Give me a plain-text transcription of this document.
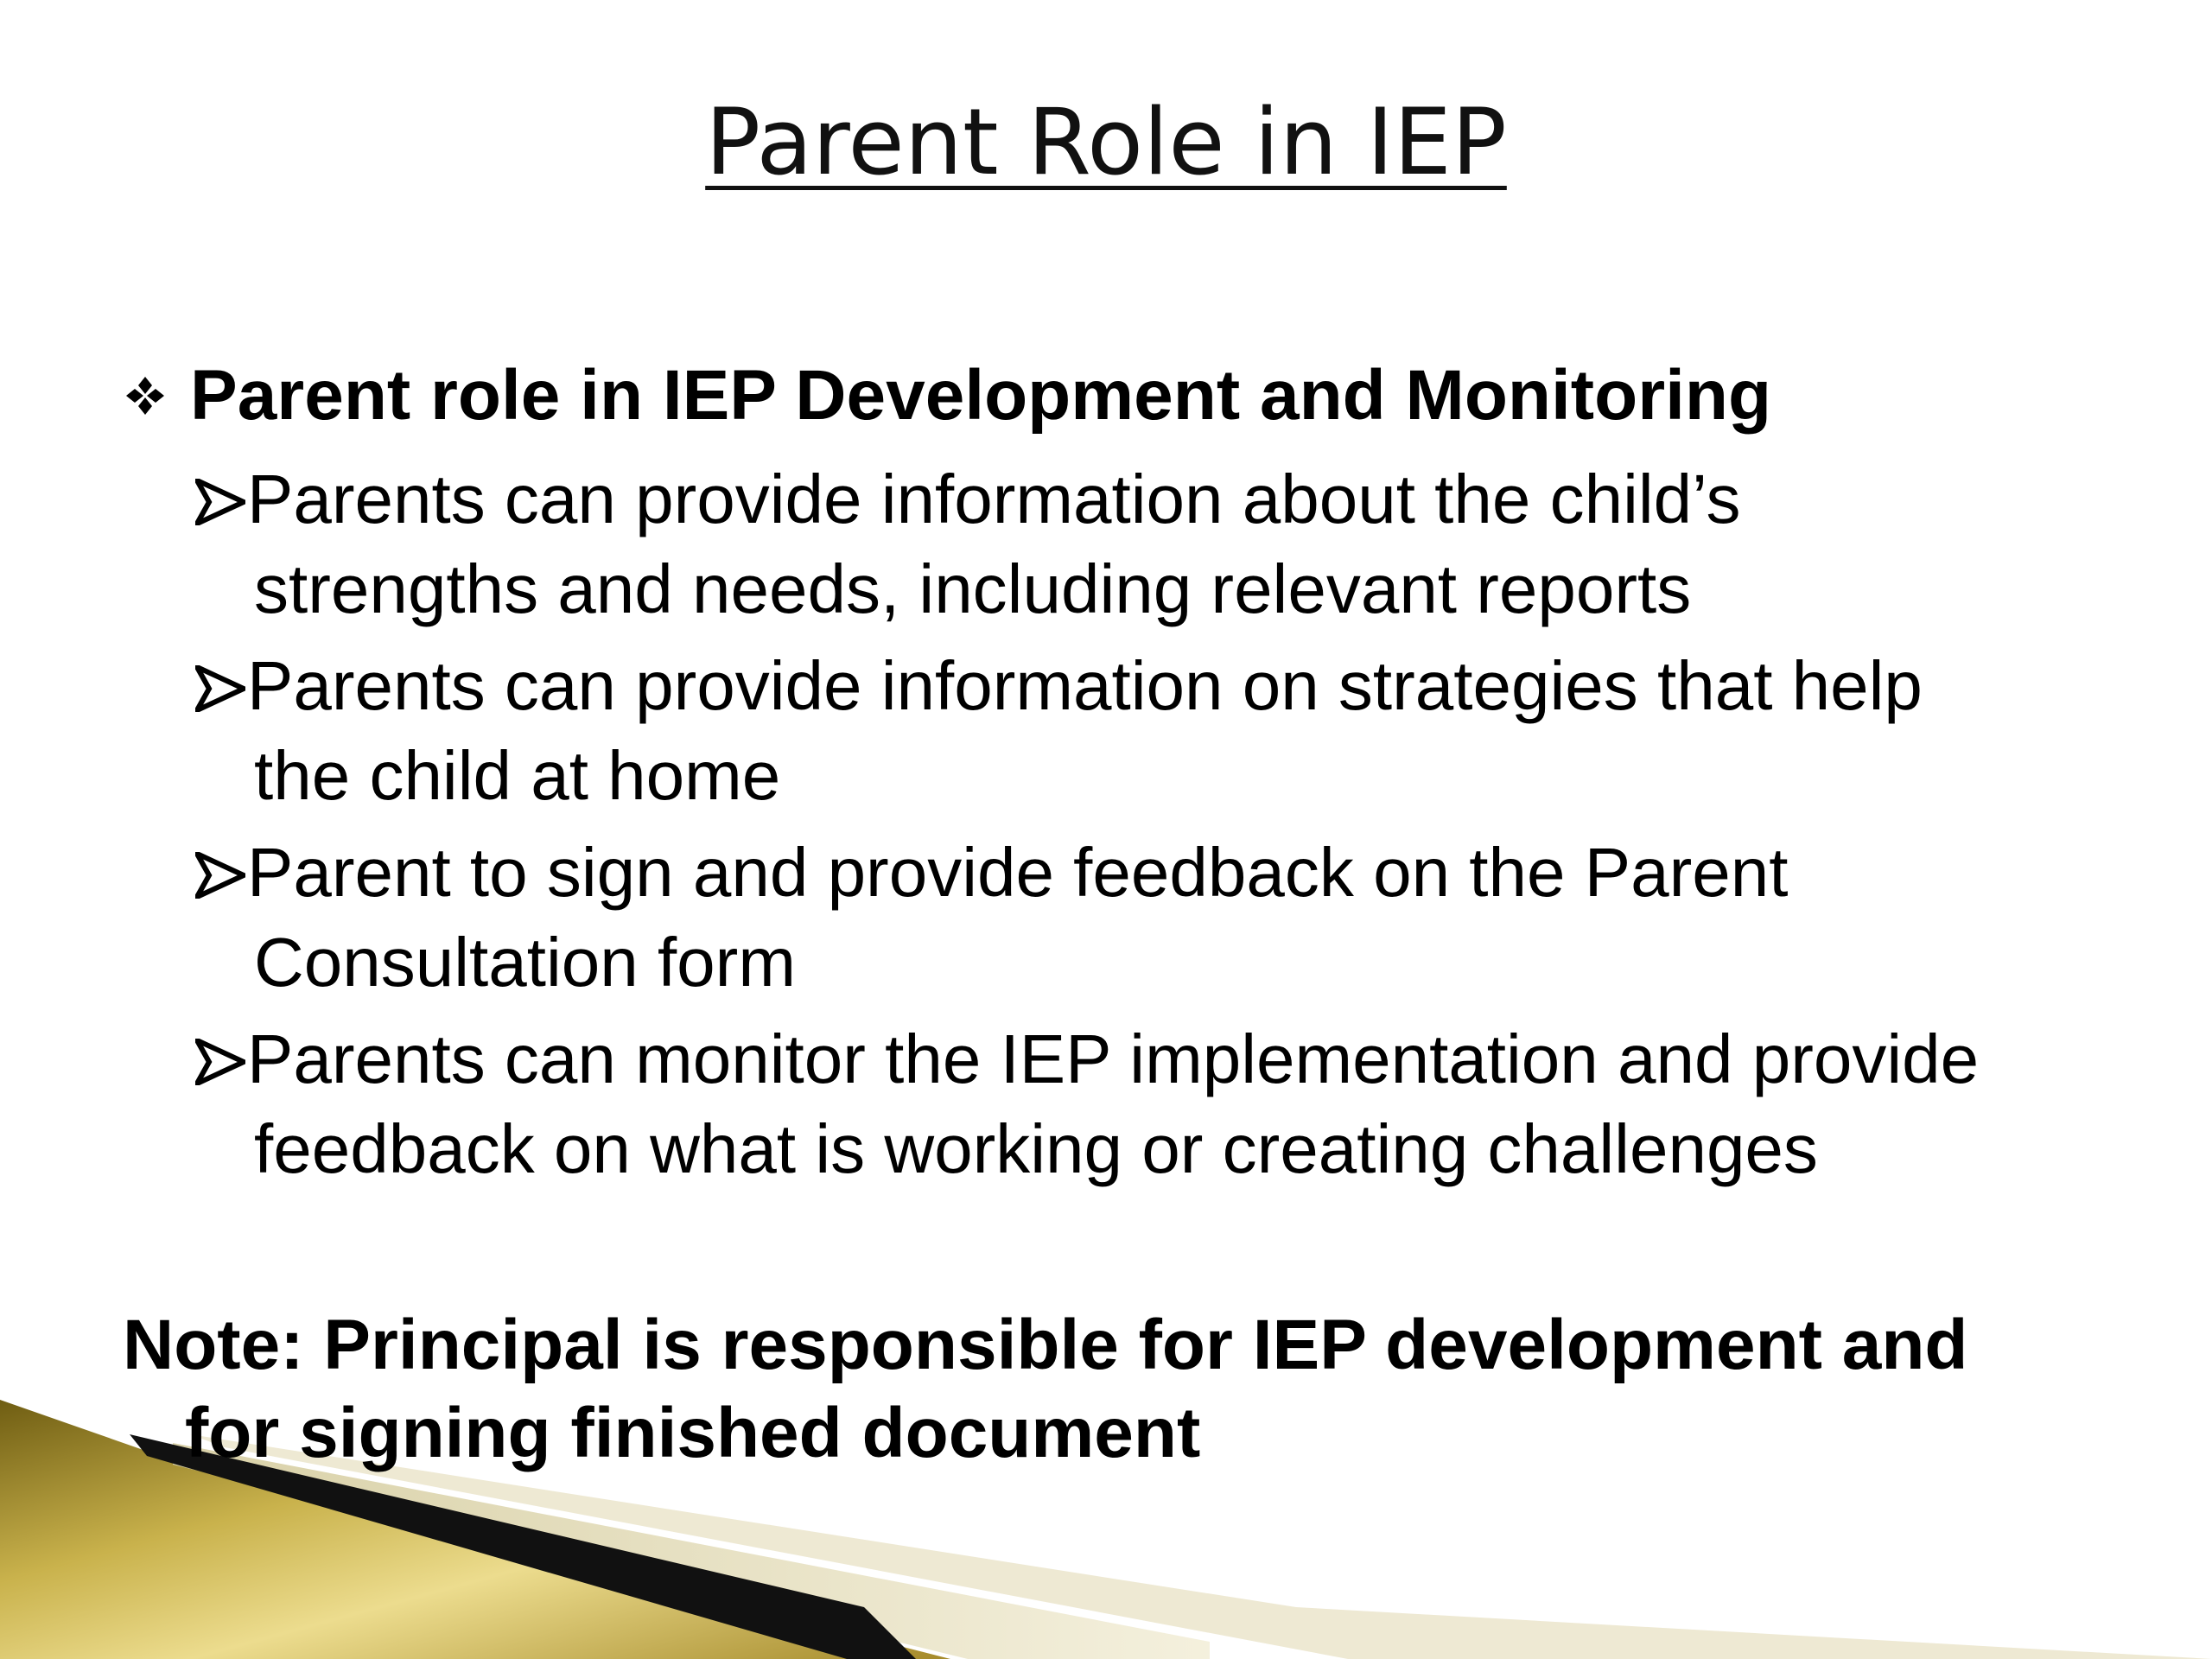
Parent Role in IEP
Parent role in IEP Development and Monitoring
Parents can provide information about the child’s
strengths and needs, including relevant reports
Parents can provide information on strategies that help
the child at home
Parent to sign and provide feedback on the Parent
Consultation form
Parents can monitor the IEP implementation and provide
feedback on what is working or creating challenges
Note: Principal is responsible for IEP development and
for signing finished document
